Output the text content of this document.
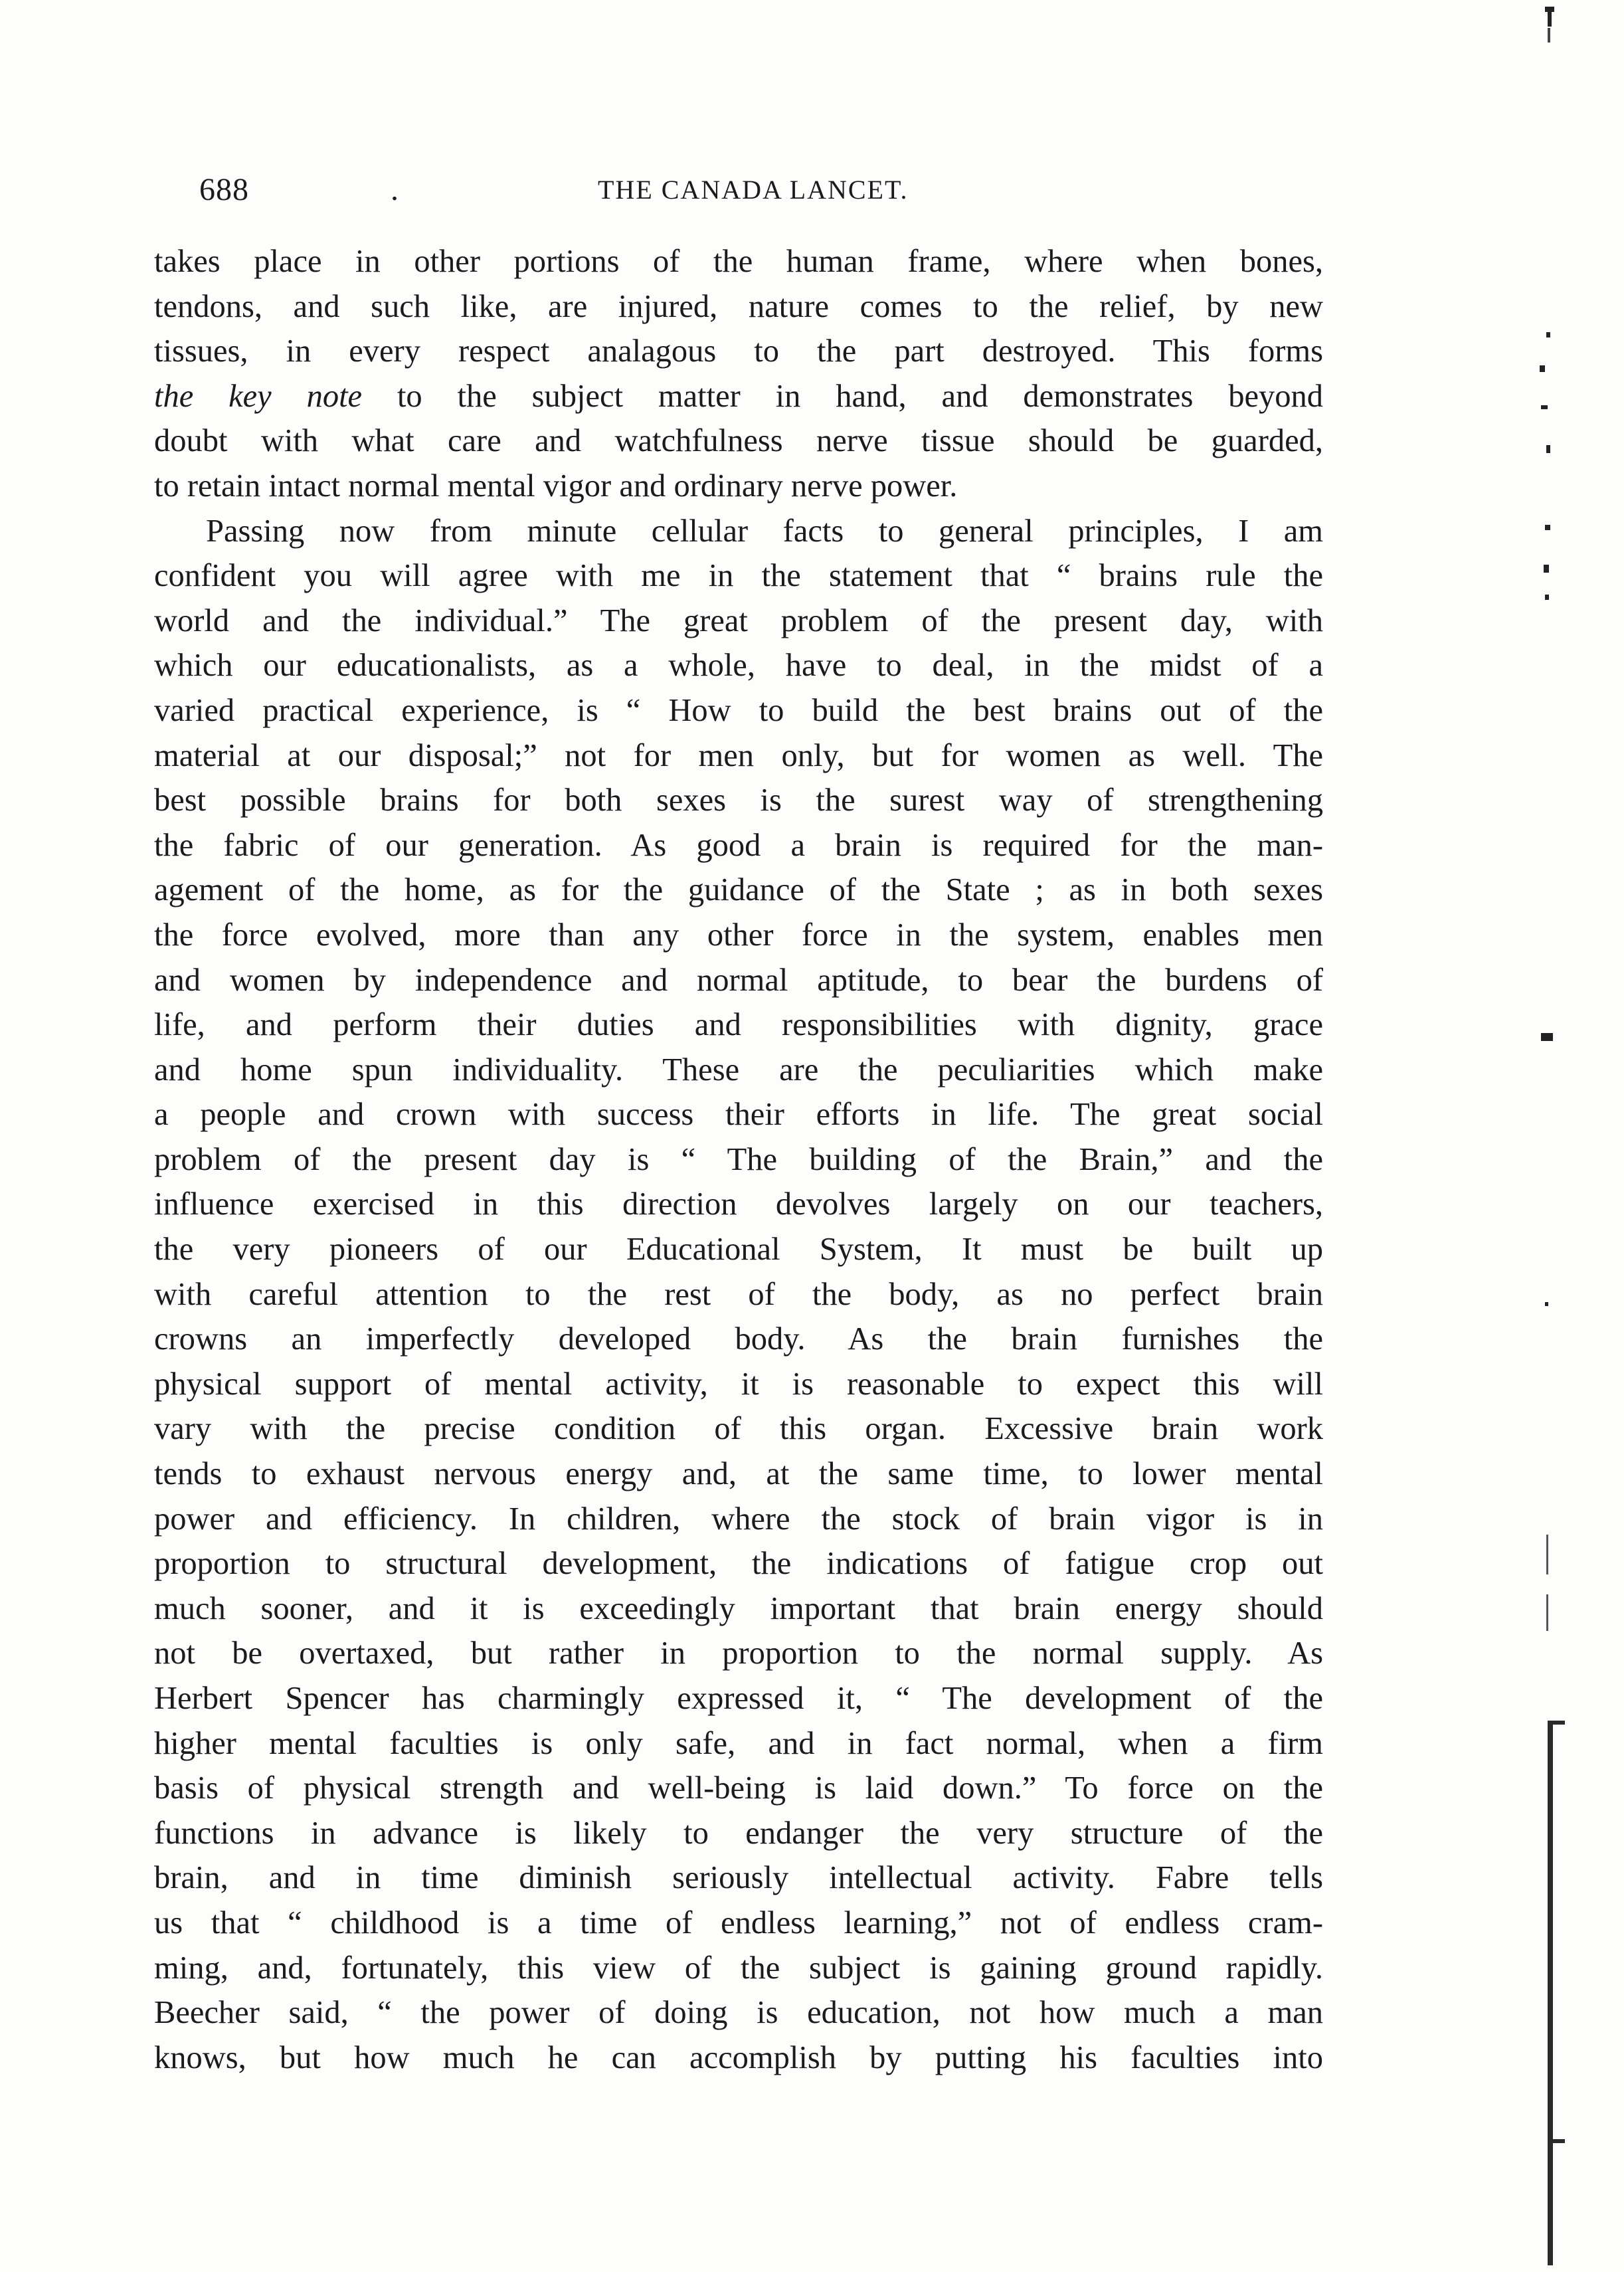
688	.	THE CANADA LANCET.

takes place in other portions of the human frame, where when bones,
tendons, and such like, are injured, nature comes to the relief, by new
tissues, in every respect analagous to the part destroyed. This forms
the key note to the subject matter in hand, and demonstrates beyond
doubt with what care and watchfulness nerve tissue should be guarded,
to retain intact normal mental vigor and ordinary nerve power.

Passing now from minute cellular facts to general principles, I am
confident you will agree with me in the statement that “ brains rule the
world and the individual.” The great problem of the present day, with
which our educationalists, as a whole, have to deal, in the midst of a
varied practical experience, is “ How to build the best brains out of the
material at our disposal;” not for men only, but for women as well. The
best possible brains for both sexes is the surest way of strengthening
the fabric of our generation. As good a brain is required for the man-
agement of the home, as for the guidance of the State ; as in both sexes
the force evolved, more than any other force in the system, enables men
and women by independence and normal aptitude, to bear the burdens of
life, and perform their duties and responsibilities with dignity, grace
and home spun individuality. These are the peculiarities which make
a people and crown with success their efforts in life. The great social
problem of the present day is “ The building of the Brain,” and the
influence exercised in this direction devolves largely on our teachers,
the very pioneers of our Educational System, It must be built up
with careful attention to the rest of the body, as no perfect brain
crowns an imperfectly developed body. As the brain furnishes the
physical support of mental activity, it is reasonable to expect this will
vary with the precise condition of this organ. Excessive brain work
tends to exhaust nervous energy and, at the same time, to lower mental
power and efficiency. In children, where the stock of brain vigor is in
proportion to structural development, the indications of fatigue crop out
much sooner, and it is exceedingly important that brain energy should
not be overtaxed, but rather in proportion to the normal supply. As
Herbert Spencer has charmingly expressed it, “ The development of the
higher mental faculties is only safe, and in fact normal, when a firm
basis of physical strength and well-being is laid down.” To force on the
functions in advance is likely to endanger the very structure of the
brain, and in time diminish seriously intellectual activity. Fabre tells
us that “ childhood is a time of endless learning,” not of endless cram-
ming, and, fortunately, this view of the subject is gaining ground rapidly.
Beecher said, “ the power of doing is education, not how much a man
knows, but how much he can accomplish by putting his faculties into
